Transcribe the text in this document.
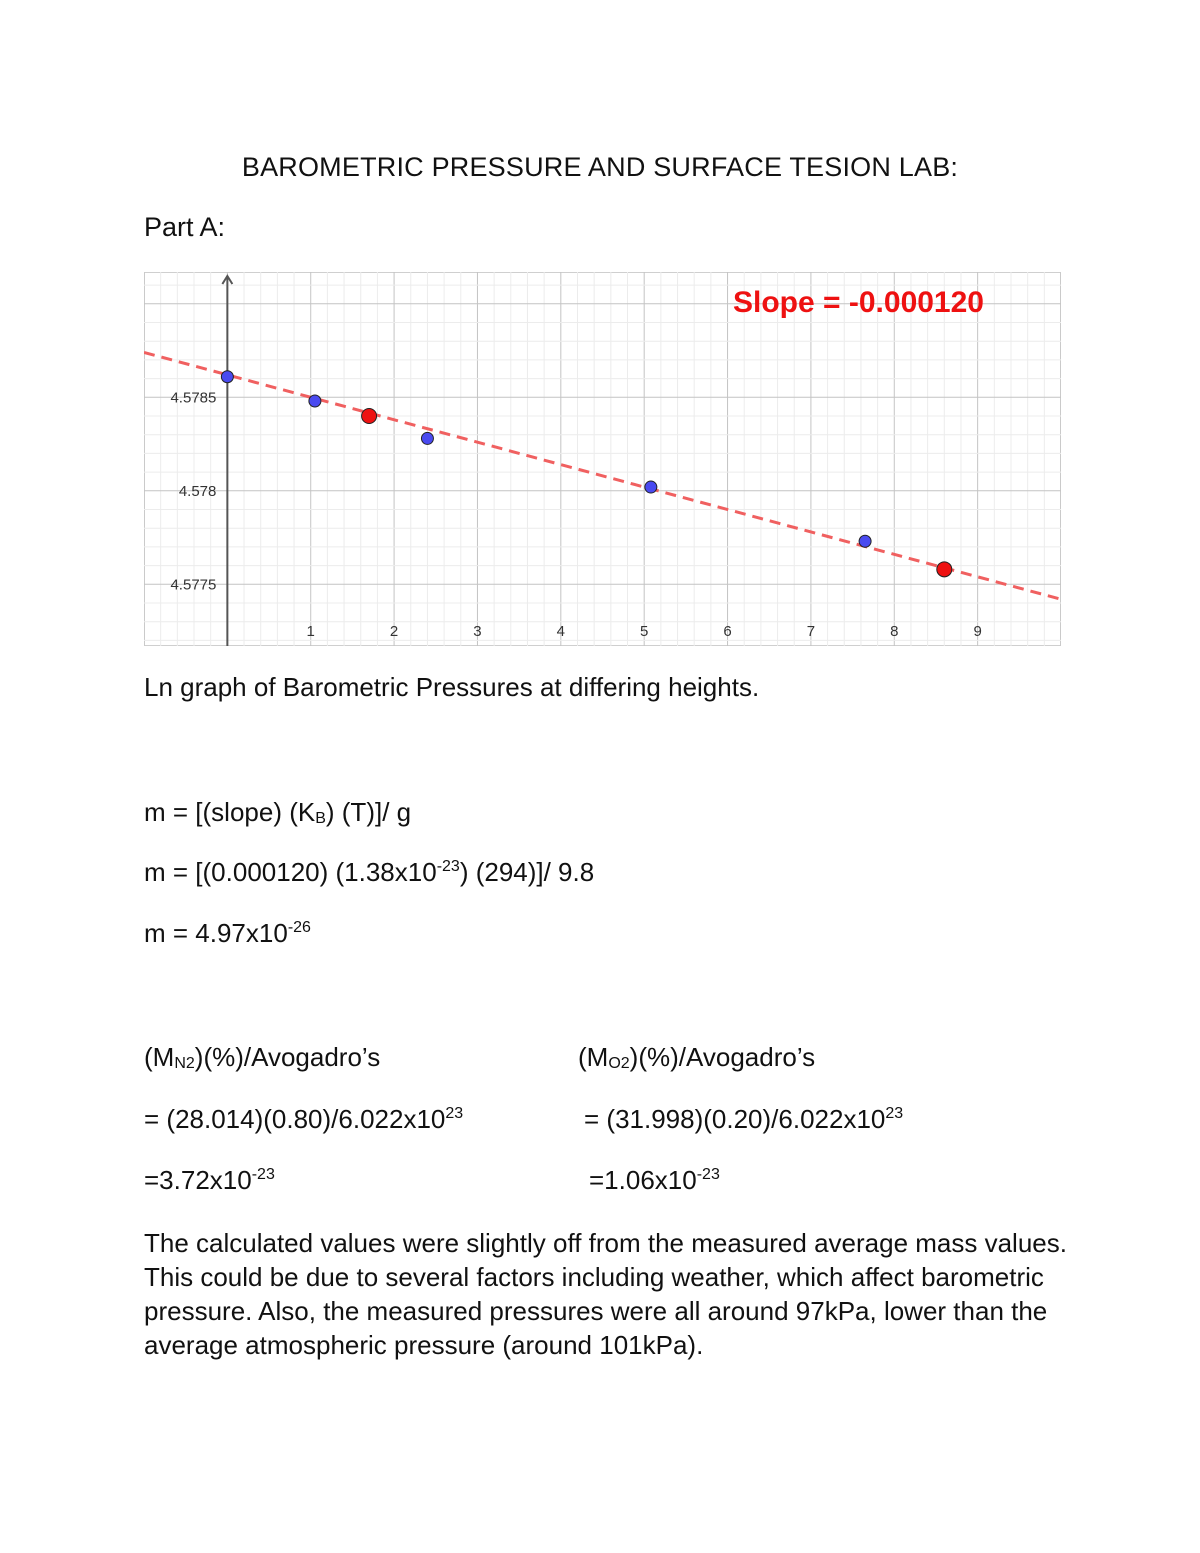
BAROMETRIC PRESSURE AND SURFACE TESION LAB:
Part A:
1	2	3	4	5	6	7	8	9
4.5785
4.578
4.5775
Slope = -0.000120
Ln graph of Barometric Pressures at differing heights.
m = [(slope) $(K_B)$ (T)]/ g
m = [(0.000120) $(1.38x10^{-23})$ (294)]/ 9.8
$m = 4.97x10^{-26}$
$(M_{N2})(\%)/Avogadro’s$	$(M_{O2})(\%)/Avogadro’s$
= $(28.014)(0.80)/6.022x10^{23}$	= $(31.998)(0.20)/6.022x10^{23}$
$=3.72x10^{-23}$	$=1.06x10^{-23}$
The calculated values were slightly off from the measured average mass values. This could be due to several factors including weather, which affect barometric pressure. Also, the measured pressures were all around 97kPa, lower than the average atmospheric pressure (around 101kPa).
